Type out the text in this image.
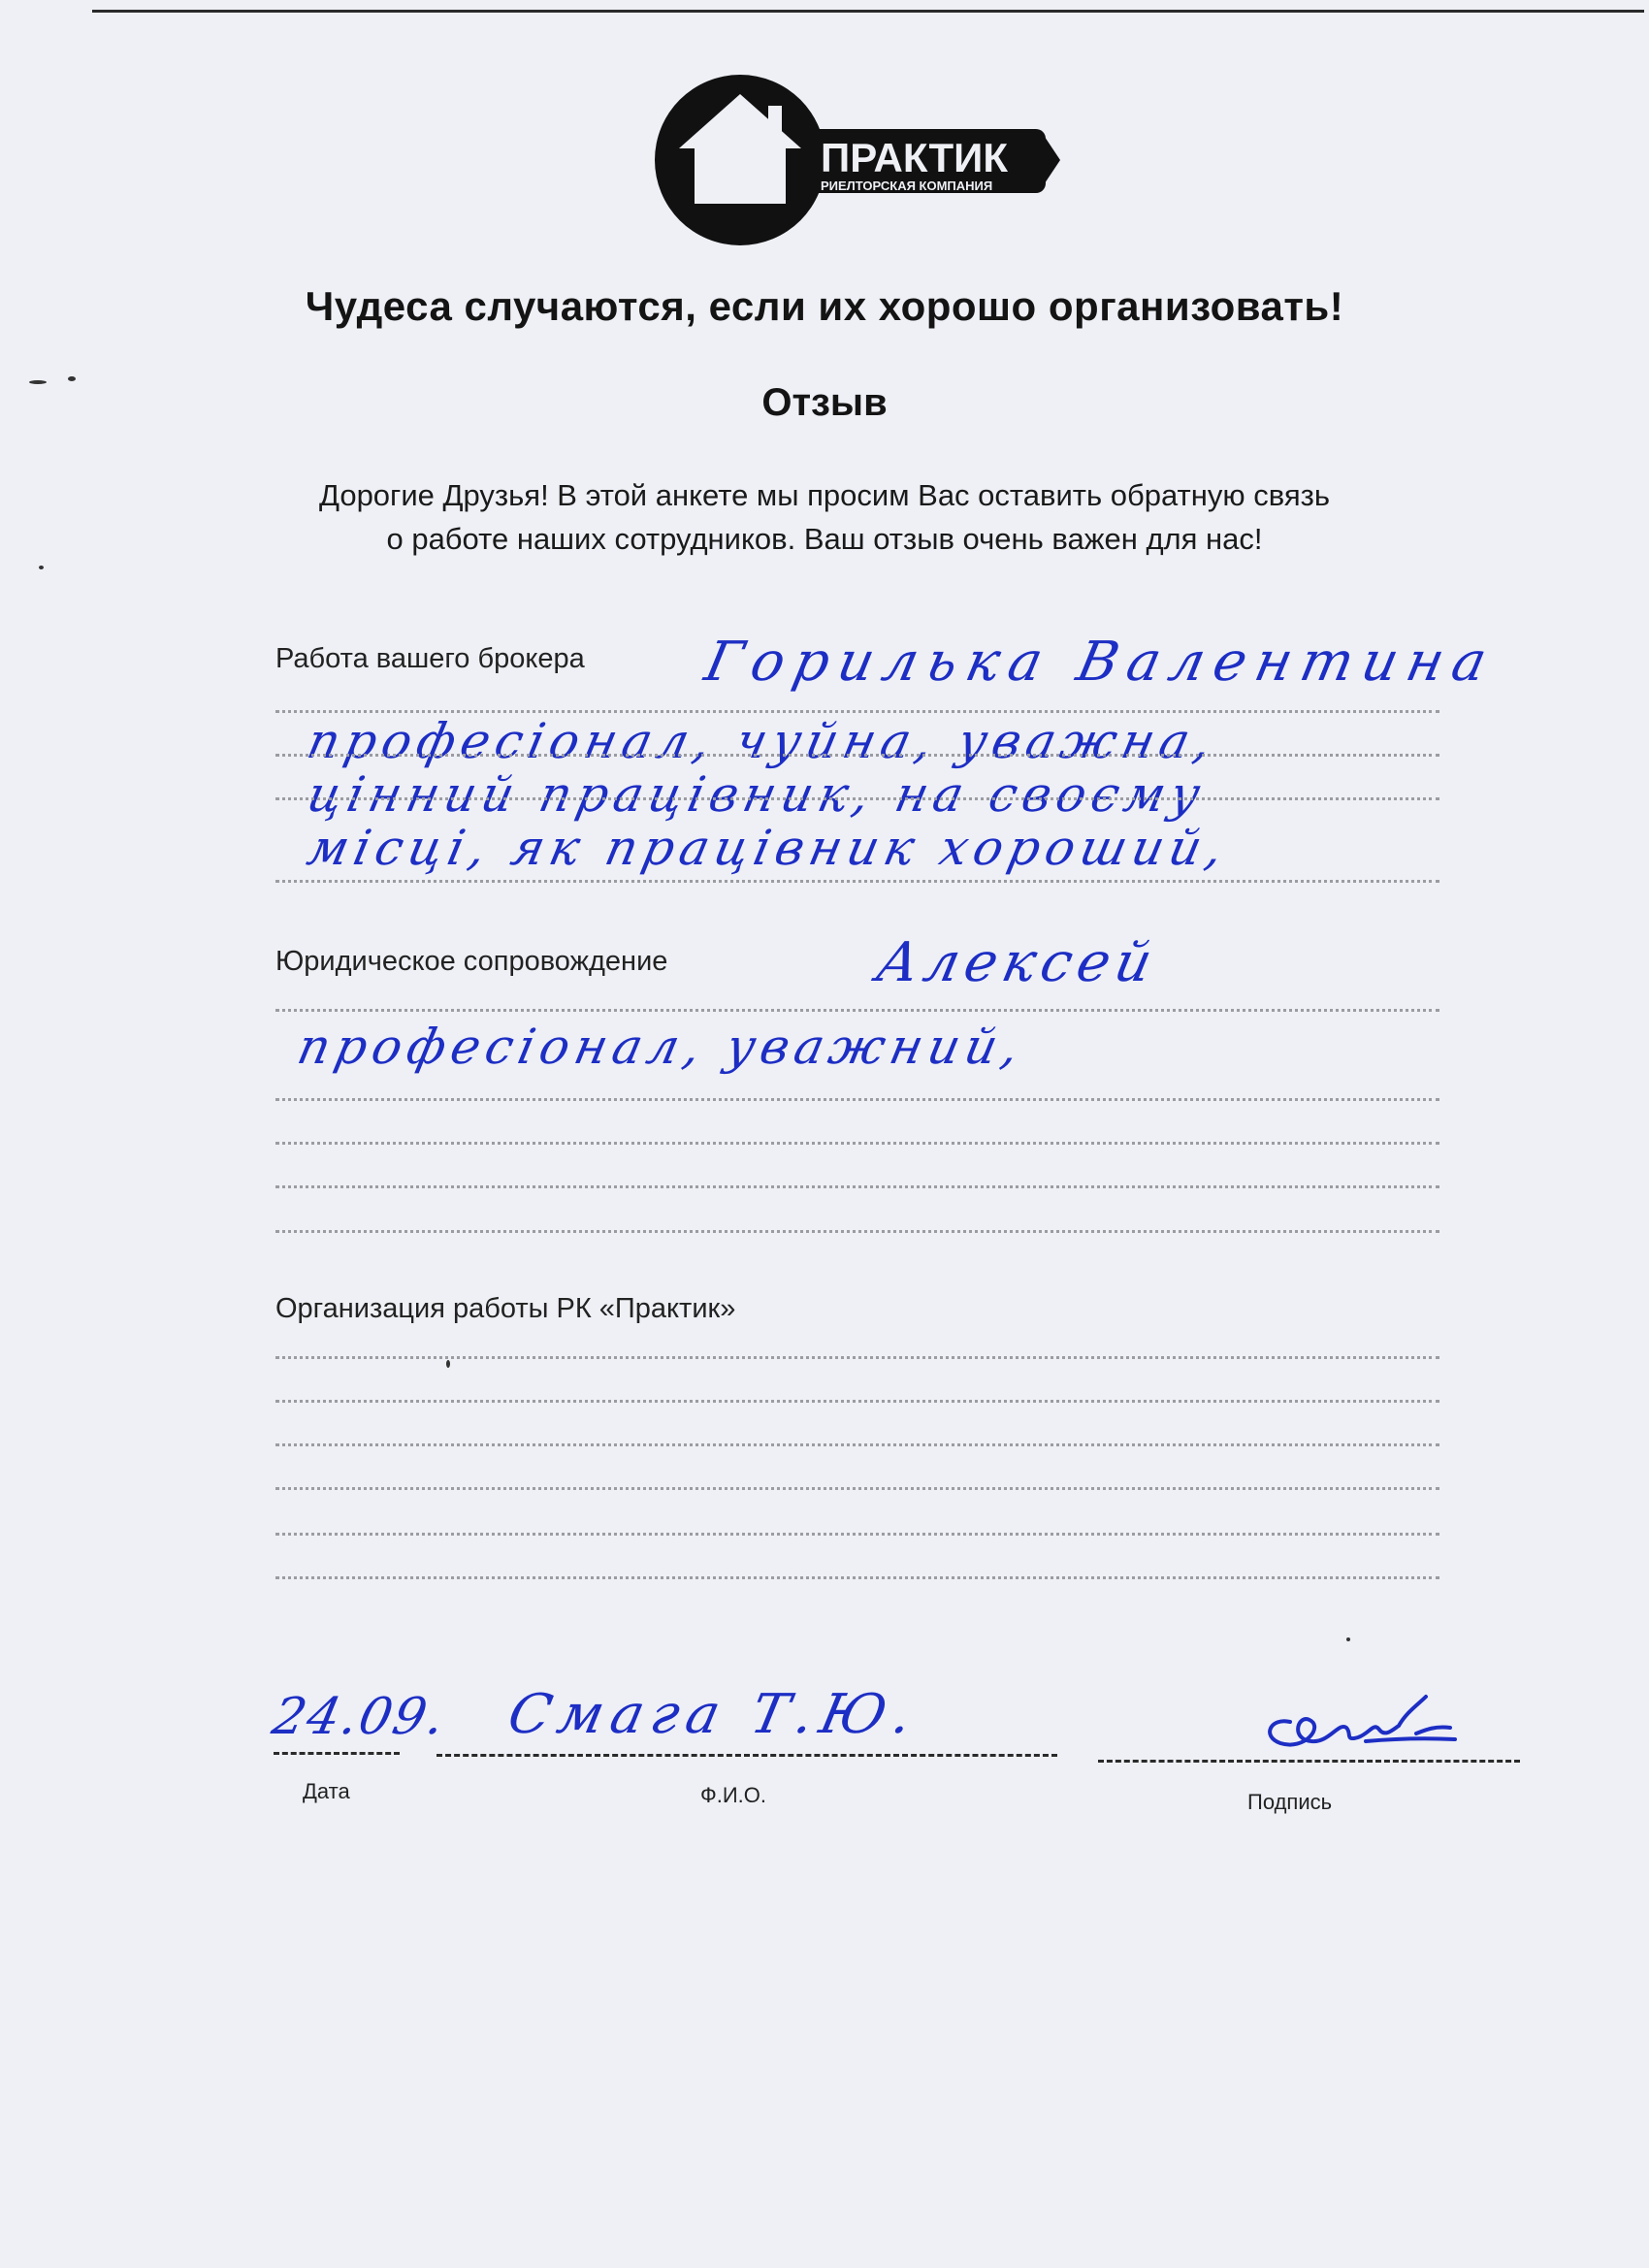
ПРАКТИК
РИЕЛТОРСКАЯ КОМПАНИЯ
Чудеса случаются, если их хорошо организовать!
Отзыв
Дорогие Друзья! В этой анкете мы просим Вас оставить обратную связь
о работе наших сотрудников. Ваш отзыв очень важен для нас!
Работа вашего брокера Горилька Валентина
професіонал, чуйна, уважна,
цінний працівник, на своєму
місці, як працівник хороший,
Юридическое сопровождение	Алексей
професіонал, уважний,
Организация работы РК «Практик»
24.09.
Дата
Смага Т.Ю.
Ф.И.О.	Подпись
